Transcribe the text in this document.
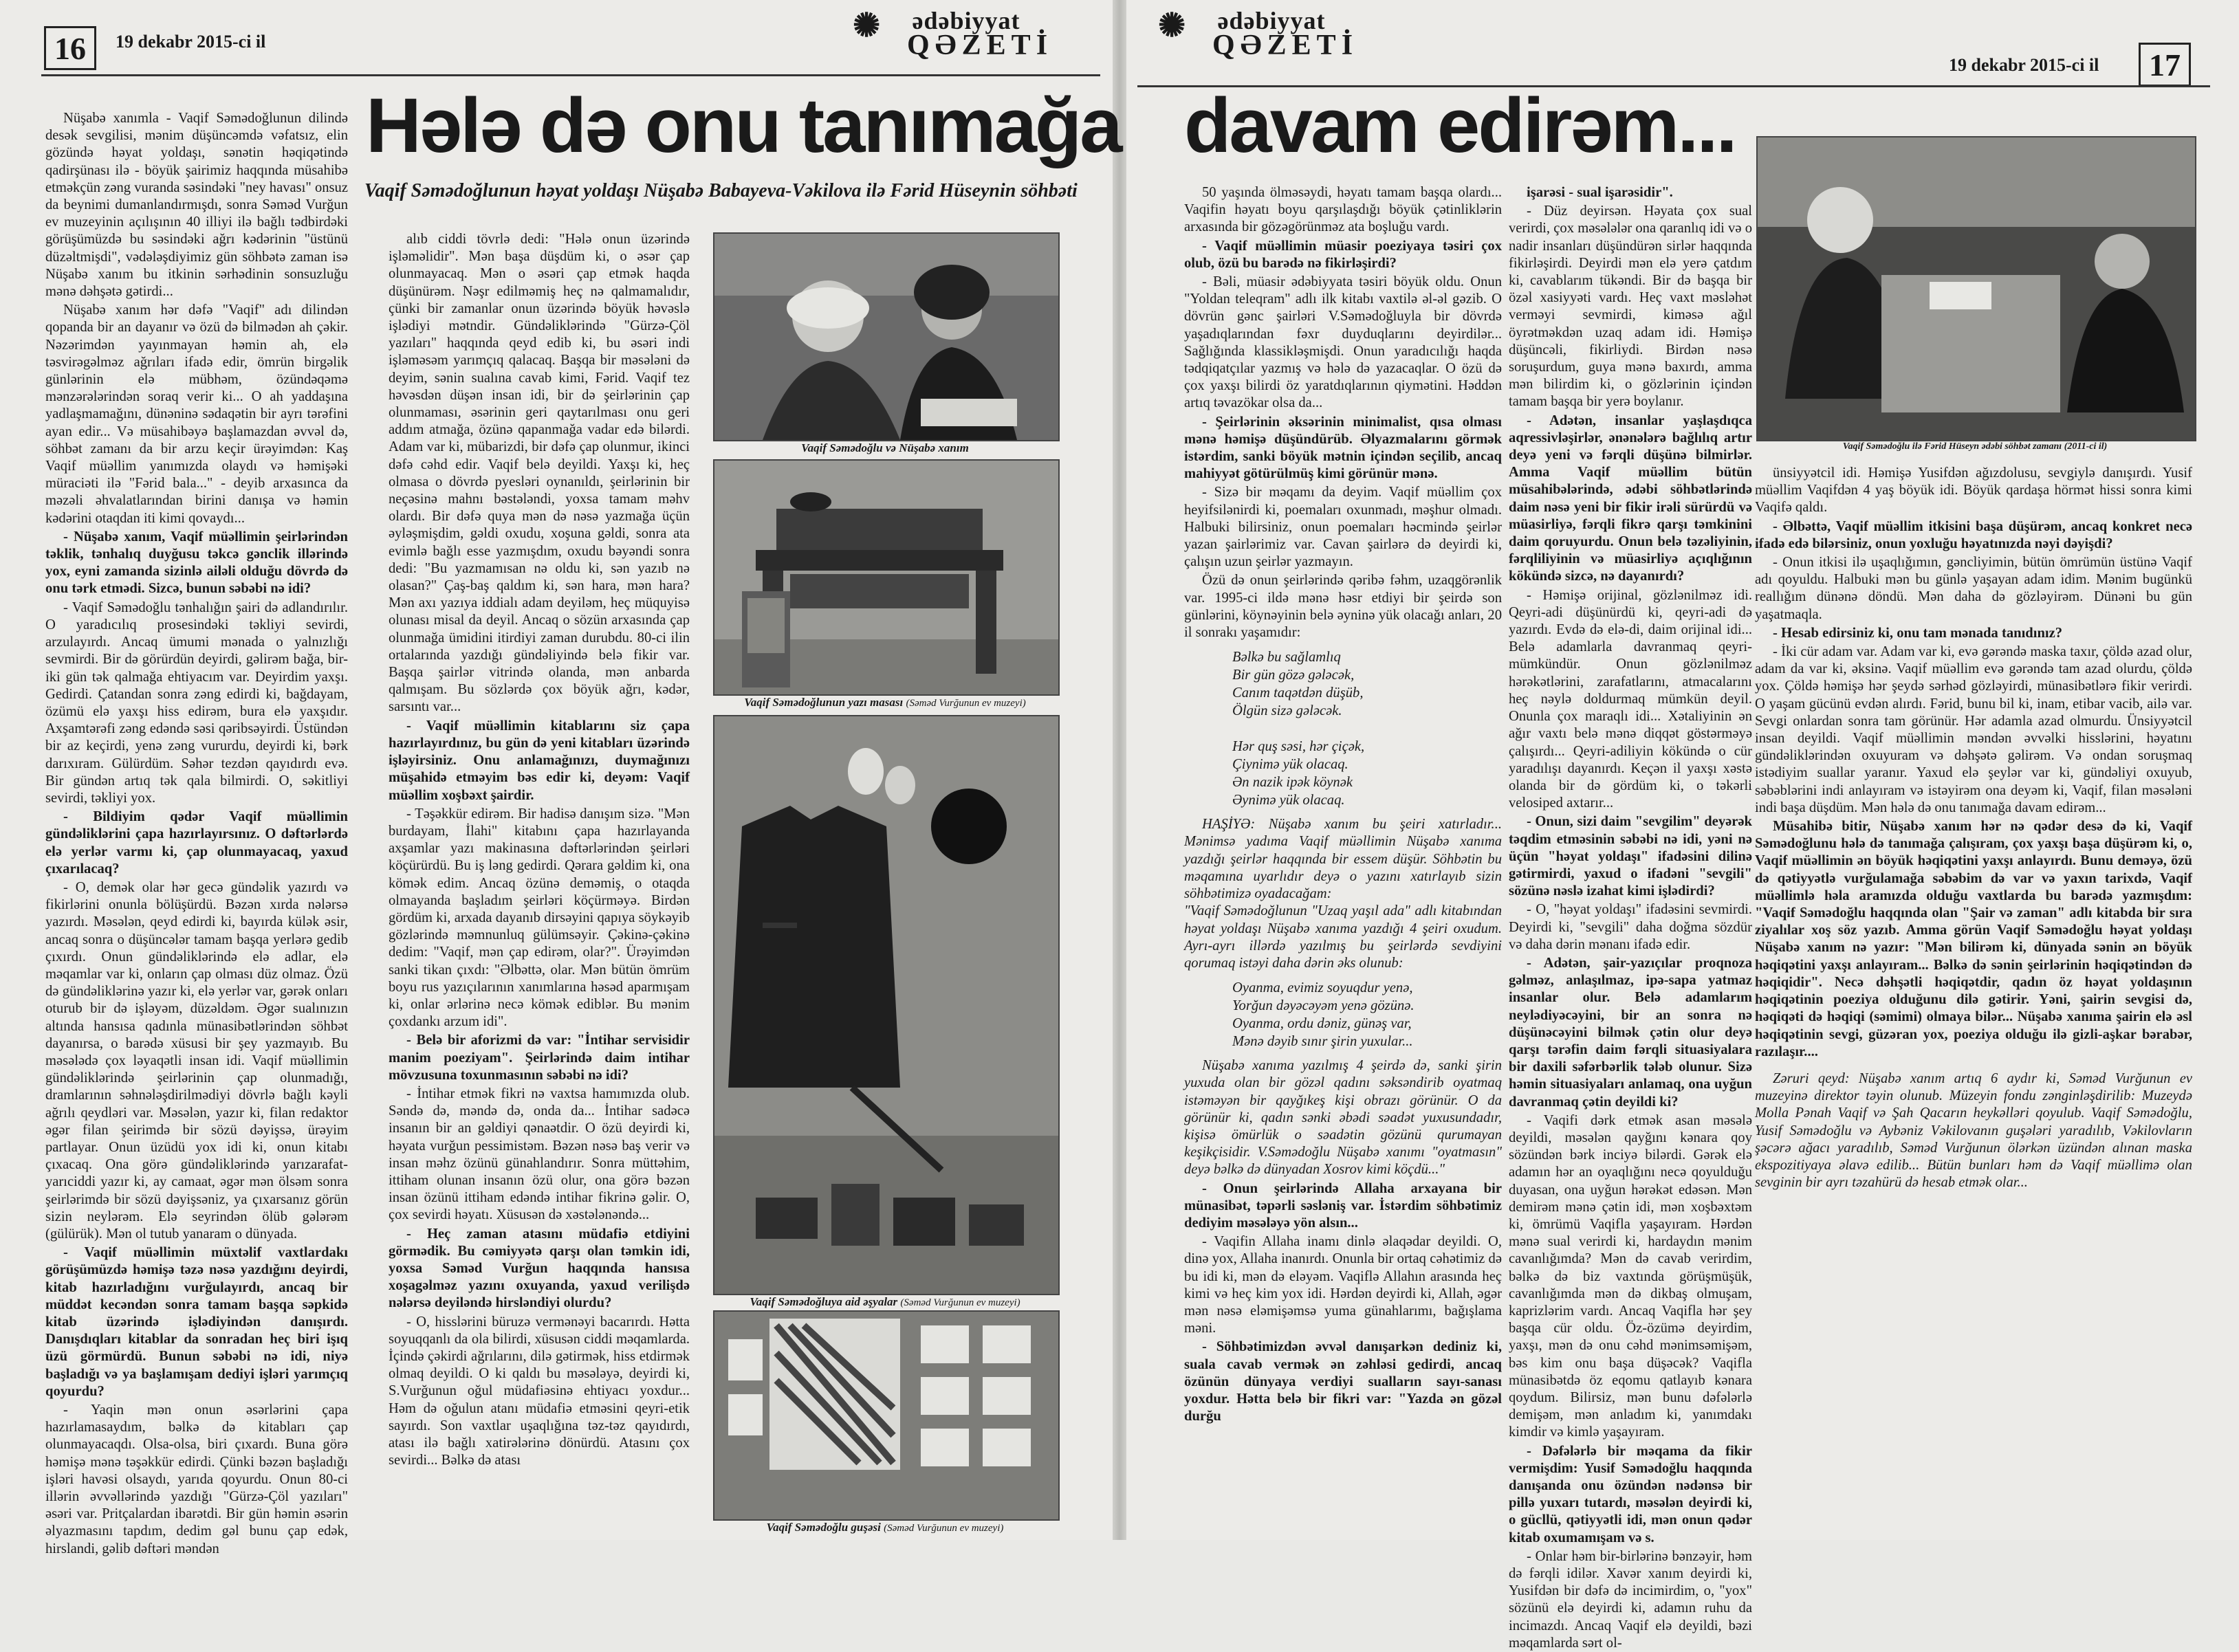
16	19 dekabr 2015-ci il	✺	ədəbiyyat
QƏZETİ
✺	ədəbiyyat
QƏZETİ
19 dekabr 2015-ci il	17
Hələ də onu tanımağa davam edirəm...
Vaqif Səmədoğlunun həyat yoldaşı Nüşabə Babayeva-Vəkilova ilə Fərid Hüseynin söhbəti

Nüşabə xanımla - Vaqif Səmədoğlunun dilində desək sevgilisi, mənim düşüncəmdə vəfatsız, elin gözündə həyat yoldaşı, sənətin həqiqətində qadirşünası ilə - böyük şairimiz haqqında müsahibə etməkçün zəng vuranda səsindəki "ney havası" onsuz da beynimi dumanlandırmışdı, sonra Səməd Vurğun ev muzeyinin açılışının 40 illiyi ilə bağlı tədbirdəki görüşümüzdə bu səsindəki ağrı kədərinin "üstünü düzəltmişdi", vədələşdiyimiz gün söhbətə zaman isə Nüşabə xanım bu itkinin sərhədinin sonsuzluğu mənə dəhşətə gətirdi...

Nüşabə xanım hər dəfə "Vaqif" adı dilindən qopanda bir an dayanır və özü də bilmədən ah çəkir. Nəzərimdən yayınmayan həmin ah, elə təsvirəgəlməz ağrıları ifadə edir, ömrün birgəlik günlərinin elə mübhəm, özündəqəmə mənzərələrindən soraq verir ki... O ah yaddaşına yadlaşmamağını, dünəninə sədaqətin bir ayrı tərəfini ayan edir... Və müsahibəyə başlamazdan əvvəl də, söhbət zamanı da bir arzu keçir ürəyimdən: Kaş Vaqif müəllim yanımızda olaydı və həmişəki müraciəti ilə "Fərid bala..." - deyib arxasınca da məzəli əhvalatlarından birini danışa və həmin kədərini otaqdan iti kimi qovaydı...

- Nüşabə xanım, Vaqif müəllimin şeirlərindən təklik, tənhalıq duyğusu təkcə gənclik illərində yox, eyni zamanda sizinlə ailəli olduğu dövrdə də onu tərk etmədi. Sizcə, bunun səbəbi nə idi?

- Vaqif Səmədoğlu tənhalığın şairi də adlandırılır. O yaradıcılıq prosesindəki təkliyi sevirdi, arzulayırdı. Ancaq ümumi mənada o yalnızlığı sevmirdi. Bir də görürdün deyirdi, gəlirəm bağa, bir-iki gün tək qalmağa ehtiyacım var. Deyirdim yaxşı. Gedirdi. Çatandan sonra zəng edirdi ki, bağdayam, özümü elə yaxşı hiss edirəm, bura elə yaxşıdır. Axşamtərəfi zəng edəndə səsi qəribsəyirdi. Üstündən bir az keçirdi, yenə zəng vururdu, deyirdi ki, bərk darıxıram. Gülürdüm. Səhər tezdən qayıdırdı evə. Bir gündən artıq tək qala bilmirdi. O, səkitliyi sevirdi, təkliyi yox.

- Bildiyim qədər Vaqif müəllimin gündəliklərini çapa hazırlayırsınız. O dəftərlərdə elə yerlər varmı ki, çap olunmayacaq, yaxud çıxarılacaq?

- O, demək olar hər gecə gündəlik yazırdı və fikirlərini onunla bölüşürdü. Bəzən xırda nələrsə yazırdı. Məsələn, qeyd edirdi ki, bayırda külək əsir, ancaq sonra o düşüncələr tamam başqa yerlərə gedib çıxırdı. Onun gündəliklərində elə adlar, elə məqamlar var ki, onların çap olması düz olmaz. Özü də gündəliklərinə yazır ki, elə yerlər var, gərək onları oturub bir də işləyəm, düzəldəm. Əgər sualınızın altında hansısa qadınla münasibətlərindən söhbət dayanırsa, o barədə xüsusi bir şey yazmayıb. Bu məsələdə çox ləyaqətli insan idi. Vaqif müəllimin gündəliklərində şeirlərinin çap olunmadığı, dramlarının səhnələşdirilmədiyi dövrlə bağlı kəyli ağrılı qeydləri var. Məsələn, yazır ki, filan redaktor əgər filan şeirimdə bir sözü dəyişsə, ürəyim partlayar. Onun üzüdü yox idi ki, onun kitabı çıxacaq. Ona görə gündəliklərində yarızarafat-yarıciddi yazır ki, ay camaat, əgər mən ölsəm sonra şeirlərimdə bir sözü dəyişsəniz, ya çıxarsanız görün sizin neylərəm. Elə seyrindən ölüb gələrəm (gülürük). Mən ol tutub yanaram o dünyada.

- Vaqif müəllimin müxtəlif vaxtlardakı görüşümüzdə həmişə təzə nəsə yazdığını deyirdi, kitab hazırladığını vurğulayırdı, ancaq bir müddət kecəndən sonra tamam başqa səpkidə kitab üzərində işlədiyindən danışırdı. Danışdıqları kitablar da sonradan heç biri işıq üzü görmürdü. Bunun səbəbi nə idi, niyə başladığı və ya başlamışam dediyi işləri yarımçıq qoyurdu?

- Yaqin mən onun əsərlərini çapa hazırlamasaydım, bəlkə də kitabları çap olunmayacaqdı. Olsa-olsa, biri çıxardı. Buna görə həmişə mənə təşəkkür edirdi. Çünki bəzən başladığı işləri havəsi olsaydı, yarıda qoyurdu. Onun 80-ci illərin əvvəllərində yazdığı "Gürzə-Çöl yazıları" əsəri var. Pritçalardan ibarətdi. Bir gün həmin əsərin əlyazmasını tapdım, dedim gəl bunu çap edək, hirslandi, gəlib dəftəri məndən

alıb ciddi tövrlə dedi: "Hələ onun üzərində işləməlidir". Mən başa düşdüm ki, o əsər çap olunmayacaq. Mən o əsəri çap etmək haqda düşünürəm. Nəşr edilməmiş heç nə qalmamalıdır, çünki bir zamanlar onun üzərində böyük həvəslə işlədiyi mətndir. Gündəliklərində "Gürzə-Çöl yazıları" haqqında qeyd edib ki, bu əsəri indi işləməsəm yarımçıq qalacaq. Başqa bir məsələni də deyim, sənin sualına cavab kimi, Fərid. Vaqif tez həvəsdən düşən insan idi, bir də şeirlərinin çap olunmaması, əsərinin geri qaytarılması onu geri addım atmağa, özünə qapanmağa vadar edə bilərdi. Adam var ki, mübarizdi, bir dəfə çap olunmur, ikinci dəfə cəhd edir. Vaqif belə deyildi. Yaxşı ki, heç olmasa o dövrdə pyesləri oynanıldı, şeirlərinin bir neçəsinə mahnı bəstələndi, yoxsa tamam məhv olardı. Bir dəfə quya mən də nəsə yazmağa üçün əyləşmişdim, gəldi oxudu, xoşuna gəldi, sonra ata evimlə bağlı esse yazmışdım, oxudu bəyəndi sonra dedi: "Bu yazmamısan nə oldu ki, sən yazıb nə olasan?" Çaş-baş qaldım ki, sən hara, mən hara? Mən axı yazıya iddialı adam deyiləm, heç müquyisə olunası misal da deyil. Ancaq o sözün arxasında çap olunmağa ümidini itirdiyi zaman durubdu. 80-ci ilin ortalarında yazdığı gündəliyində belə fikir var. Başqa şairlər vitrində olanda, mən anbarda qalmışam. Bu sözlərdə çox böyük ağrı, kədər, sarsıntı var...

- Vaqif müəllimin kitablarını siz çapa hazırlayırdınız, bu gün də yeni kitabları üzərində işləyirsiniz. Onu anlamağınızı, duymağınızı müşahidə etməyim bəs edir ki, deyəm: Vaqif müəllim xoşbəxt şairdir.

- Təşəkkür edirəm. Bir hadisə danışım sizə. "Mən burdayam, İlahi" kitabını çapa hazırlayanda axşamlar yazı makinasına dəftərlərindən şeirləri köçürürdü. Bu iş ləng gedirdi. Qərara gəldim ki, ona kömək edim. Ancaq özünə deməmiş, o otaqda olmayanda başladım şeirləri köçürməyə. Birdən gördüm ki, arxada dayanıb dirsəyini qapıya söykəyib gözlərində məmnunluq gülümsəyir. Çəkinə-çəkinə dedim: "Vaqif, mən çap edirəm, olar?". Ürəyimdən sanki tikan çıxdı: "Əlbəttə, olar. Mən bütün ömrüm boyu rus yazıçılarının xanımlarına həsəd aparmışam ki, onlar ərlərinə necə kömək ediblər. Bu mənim çoxdankı arzum idi".

- Belə bir aforizmi də var: "İntihar servisidir manim poeziyam". Şeirlərində daim intihar mövzusuna toxunmasının səbəbi nə idi?

- İntihar etmək fikri nə vaxtsa hamımızda olub. Səndə də, məndə də, onda da... İntihar sadəcə insanın bir an gəldiyi qənaətdir. O özü deyirdi ki, həyata vurğun pessimistəm. Bəzən nəsə baş verir və insan məhz özünü günahlandırır. Sonra müttəhim, ittiham olunan insanın özü olur, ona görə bəzən insan özünü ittiham edəndə intihar fikrinə gəlir. O, çox sevirdi həyatı. Xüsusən də xəstələnəndə...

- Heç zaman atasını müdafiə etdiyini görmədik. Bu cəmiyyətə qarşı olan təmkin idi, yoxsa Səməd Vurğun haqqında hansısa xoşagəlməz yazını oxuyanda, yaxud verilişdə nələrsə deyiləndə hirsləndiyi olurdu?

- O, hisslərini büruzə vermənəyi bacarırdı. Hətta soyuqqanlı da ola bilirdi, xüsusən ciddi məqamlarda. İçində çəkirdi ağrılarını, dilə gətirmək, hiss etdirmək olmaq deyildi. O ki qaldı bu məsələyə, deyirdi ki, S.Vurğunun oğul müdafiəsinə ehtiyacı yoxdur... Həm də oğulun atanı müdafiə etməsini qeyri-etik sayırdı. Son vaxtlar uşaqlığına təz-təz qayıdırdı, atası ilə bağlı xatirələrinə dönürdü. Atasını çox sevirdi... Bəlkə də atası

50 yaşında ölməsəydi, həyatı tamam başqa olardı... Vaqifin həyatı boyu qarşılaşdığı böyük çətinliklərin arxasında bir gözəgörünməz ata boşluğu vardı.

- Vaqif müəllimin müasir poeziyaya təsiri çox olub, özü bu barədə nə fikirləşirdi?

- Bəli, müasir ədəbiyyata təsiri böyük oldu. Onun "Yoldan teleqram" adlı ilk kitabı vaxtilə əl-əl gəzib. O dövrün gənc şairləri V.Səmədoğluyla bir dövrdə yaşadıqlarından fəxr duyduqlarını deyirdilər... Sağlığında klassikləşmişdi. Onun yaradıcılığı haqda tədqiqatçılar yazmış və hələ də yazacaqlar. O özü də çox yaxşı bilirdi öz yaratdıqlarının qiymətini. Həddən artıq təvazökar olsa da...

- Şeirlərinin əksərinin minimalist, qısa olması mənə həmişə düşündürüb. Əlyazmalarını görmək istərdim, sanki böyük mətnin içindən seçilib, ancaq mahiyyət götürülmüş kimi görünür mənə.

- Sizə bir məqamı da deyim. Vaqif müəllim çox heyifsilənirdi ki, poemaları oxunmadı, məşhur olmadı. Halbuki bilirsiniz, onun poemaları həcmində şeirlər yazan şairlərimiz var. Cavan şairlərə də deyirdi ki, çalışın uzun şeirlər yazmayın.

Özü də onun şeirlərində qəribə fəhm, uzaqgörənlik var. 1995-ci ildə mənə həsr etdiyi bir şeirdə son günlərini, köynəyinin belə əyninə yük olacağı anları, 20 il sonrakı yaşamıdır:

Bəlkə bu sağlamlıq
Bir gün gözə gələcək,
Canım taqətdən düşüb,
Ölgün sizə gələcək.

Hər quş səsi, hər çiçək,
Çiynimə yük olacaq.
Ən nazik ipək köynək
Əynimə yük olacaq.

HAŞİYƏ: Nüşabə xanım bu şeiri xatırladır... Mənimsə yadıma Vaqif müəllimin Nüşabə xanıma yazdığı şeirlər haqqında bir essem düşür. Söhbətin bu məqamına uyarlıdır deyə o yazını xatırlayıb sizin söhbətimizə oyadacağam:
"Vaqif Səmədoğlunun "Uzaq yaşıl ada" adlı kitabından həyat yoldaşı Nüşabə xanıma yazdığı 4 şeiri oxudum. Ayrı-ayrı illərdə yazılmış bu şeirlərdə sevdiyini qorumaq istəyi daha dərin əks olunub:

Oyanma, evimiz soyuqdur yenə,
Yorğun dəyəcəyəm yenə gözünə.
Oyanma, ordu dəniz, günəş var,
Mənə dəyib sınır şirin yuxular...

Nüşabə xanıma yazılmış 4 şeirdə də, sanki şirin yuxuda olan bir gözəl qadını səksəndirib oyatmaq istəməyən bir qayğıkeş kişi obrazı görünür. O da görünür ki, qadın sənki əbədi səadət yuxusundadır, kişisə ömürlük o səadətin gözünü qurumayan keşikçisidir. V.Səmədoğlu Nüşabə xanımı "oyatmasın" deyə bəlkə də dünyadan Xosrov kimi köçdü..."

- Onun şeirlərində Allaha arxayana bir münasibət, təpərli səsləniş var. İstərdim söhbətimiz dediyim məsələyə yön alsın...

- Vaqifin Allaha inamı dinlə əlaqədar deyildi. O, dinə yox, Allaha inanırdı. Onunla bir ortaq cəhətimiz də bu idi ki, mən də eləyəm. Vaqiflə Allahın arasında heç kimi və heç kim yox idi. Hərdən deyirdi ki, Allah, əgər mən nəsə eləmişəmsə yuma günahlarımı, bağışlama məni.

- Söhbətimizdən əvvəl danışarkən dediniz ki, suala cavab vermək ən zəhləsi gedirdi, ancaq özünün dünyaya verdiyi sualların sayı-sanası yoxdur. Hətta belə bir fikri var: "Yazda ən gözəl durğu

işarəsi - sual işarəsidir".

- Düz deyirsən. Həyata çox sual verirdi, çox məsələlər ona qaranlıq idi və o nadir insanları düşündürən sirlər haqqında fikirləşirdi. Deyirdi mən elə yerə çatdım ki, cavablarım tükəndi. Bir də başqa bir özəl xasiyyəti vardı. Heç vaxt məsləhət verməyi sevmirdi, kiməsə ağıl öyrətməkdən uzaq adam idi. Həmişə düşüncəli, fikirliydi. Birdən nəsə soruşurdum, guya mənə baxırdı, amma mən bilirdim ki, o gözlərinin içindən tamam başqa bir yerə boylanır.

- Adətən, insanlar yaşlaşdıqca aqressivləşirlər, ənənələrə bağlılıq artır deyə yeni və fərqli düşünə bilmirlər. Amma Vaqif müəllim bütün müsahibələrində, ədəbi söhbətlərində daim nəsə yeni bir fikir irəli sürürdü və müasirliyə, fərqli fikrə qarşı təmkinini daim qoruyurdu. Onun belə təzəliyinin, fərqliliyinin və müasirliyə açıqlığının kökündə sizcə, nə dayanırdı?

- Həmişə orijinal, gözlənilməz idi. Qeyri-adi düşünürdü ki, qeyri-adi də yazırdı. Evdə də elə-di, daim orijinal idi... Belə adamlarla davranmaq qeyri-mümkündür. Onun gözlənilməz hərəkətlərini, zarafatlarını, atmacalarını heç nəylə doldurmaq mümkün deyil. Onunla çox maraqlı idi... Xətaliyinin ən ağır vaxtı belə mənə diqqət göstərməyə çalışırdı... Qeyri-adiliyin kökündə o cür yaradılışı dayanırdı. Keçən il yaxşı xəstə olanda bir də gördüm ki, o təkərli velosiped axtarır...

- Onun, sizi daim "sevgilim" deyərək təqdim etməsinin səbəbi nə idi, yəni nə üçün "həyat yoldaşı" ifadəsini dilinə gətirmirdi, yaxud o ifadəni "sevgili" sözünə nəslə izahat kimi işlədirdi?

- O, "həyat yoldaşı" ifadəsini sevmirdi. Deyirdi ki, "sevgili" daha doğma sözdür və daha dərin mənanı ifadə edir.

- Adətən, şair-yazıçılar proqnoza gəlməz, anlaşılmaz, ipə-sapa yatmaz insanlar olur. Belə adamlarım neylədiyəcəyini, bir an sonra nə düşünəcəyini bilmək çətin olur deyə qarşı tərəfin daim fərqli situasiyalara bir daxili səfərbərlik tələb olunur. Sizə həmin situasiyaları anlamaq, ona uyğun davranmaq çətin deyildi ki?

- Vaqifi dərk etmək asan məsələ deyildi, məsələn qayğını kənara qoy sözündən bərk inciyə bilərdi. Gərək elə adamın hər an oyaqlığını necə qoyulduğu duyasan, ona uyğun hərəkət edəsən. Mən demirəm mənə çətin idi, mən xoşbəxtəm ki, ömrümü Vaqifla yaşayıram. Hərdən mənə sual verirdi ki, hardaydın mənim cavanlığımda? Mən də cavab verirdim, bəlkə də biz vaxtında görüşmüşük, cavanlığımda mən də dikbaş olmuşam, kaprizlərim vardı. Ancaq Vaqifla hər şey başqa cür oldu. Öz-özümə deyirdim, yaxşı, mən də onu cəhd mənimsəmişəm, bəs kim onu başa düşəcək? Vaqifla münasibətdə öz eqomu qatlayıb kənara qoydum. Bilirsiz, mən bunu dəfələrlə demişəm, mən anladım ki, yanımdakı kimdir və kimlə yaşayıram.

- Dəfələrlə bir məqama da fikir vermişdim: Yusif Səmədoğlu haqqında danışanda onu özündən nədənsə bir pillə yuxarı tutardı, məsələn deyirdi ki, o gücllü, qətiyyətli idi, mən onun qədər kitab oxumamışam və s.

- Onlar həm bir-birlərinə bənzəyir, həm də fərqli idilər. Xavər xanım deyirdi ki, Yusifdən bir dəfə də incimirdim, o, "yox" sözünü elə deyirdi ki, adamın ruhu da incimazdı. Ancaq Vaqif elə deyildi, bəzi məqamlarda sərt ol-

ünsiyyətcil idi. Həmişə Yusifdən ağızdolusu, sevgiylə danışırdı. Yusif müəllim Vaqifdən 4 yaş böyük idi. Böyük qardaşa hörmət hissi sonra kimi Vaqifə qaldı.

- Əlbəttə, Vaqif müəllim itkisini başa düşürəm, ancaq konkret necə ifadə edə bilərsiniz, onun yoxluğu həyatınızda nəyi dəyişdi?

- Onun itkisi ilə uşaqlığımın, gəncliyimin, bütün ömrümün üstünə Vaqif adı qoyuldu. Halbuki mən bu günlə yaşayan adam idim. Mənim bugünkü reallığım dünənə döndü. Mən daha də gözləyirəm. Dünəni bu gün yaşatmaqla.

- Hesab edirsiniz ki, onu tam mənada tanıdınız?

- İki cür adam var. Adam var ki, evə gərəndə maska taxır, çöldə azad olur, adam da var ki, əksinə. Vaqif müəllim evə gərəndə tam azad olurdu, çöldə yox. Çöldə həmişə hər şeydə sərhəd gözləyirdi, münasibətlərə fikir verirdi. O yaşam gücünü evdən alırdı. Fərid, bunu bil ki, inam, etibar vacib, ailə var. Sevgi onlardan sonra tam görünür. Hər adamla azad olmurdu. Ünsiyyətcil insan deyildi. Vaqif müəllimin məndən əvvəlki hisslərini, həyatını gündəliklərindən oxuyuram və dəhşətə gəlirəm. Və ondan soruşmaq istədiyim suallar yaranır. Yaxud elə şeylər var ki, gündəliyi oxuyub, səbəblərini indi anlayıram və istəyirəm ona deyəm ki, Vaqif, filan məsələni indi başa düşdüm. Mən hələ də onu tanımağa davam edirəm...

Müsahibə bitir, Nüşabə xanım hər nə qədər desə də ki, Vaqif Səmədoğlunu hələ də tanımağa çalışıram, çox yaxşı başa düşürəm ki, o, Vaqif müəllimin ən böyük həqiqətini yaxşı anlayırdı. Bunu deməyə, özü də qətiyyətlə vurğulamağa səbəbim də var və yaxın tarixdə, Vaqif müəllimlə həla aramızda olduğu vaxtlarda bu barədə yazmışdım: "Vaqif Səmədoğlu haqqında olan "Şair və zaman" adlı kitabda bir sıra ziyalılar xoş söz yazıb. Amma görün Vaqif Səmədoğlu həyat yoldaşı Nüşabə xanım nə yazır: "Mən bilirəm ki, dünyada sənin ən böyük həqiqətini yaxşı anlayıram... Bəlkə də sənin şeirlərinin həqiqətindən də həqiqidir". Necə dəhşətli həqiqətdir, qadın öz həyat yoldaşının həqiqətinin poeziya olduğunu dilə gətirir. Yəni, şairin sevgisi də, həqiqəti də həqiqi (səmimi) olmaya bilər... Nüşabə xanıma şairin elə əsl həqiqətinin sevgi, güzəran yox, poeziya olduğu ilə gizli-aşkar bərabər, razılaşır....

Zəruri qeyd: Nüşabə xanım artıq 6 aydır ki, Səməd Vurğunun ev muzeyinə direktor təyin olunub. Müzeyin fondu zənginləşdirilib: Muzeydə Molla Pənah Vaqif və Şah Qacarın heykəlləri qoyulub. Vaqif Səmədoğlu, Yusif Səmədoğlu və Aybəniz Vəkilovanın guşələri yaradılıb, Vəkilovların şəcərə ağacı yaradılıb, Səməd Vurğunun ölərkən üzündən alınan maska ekspozitiyaya əlavə edilib... Bütün bunları həm də Vaqif müəllimə olan sevginin bir ayrı təzahürü də hesab etmək olar...

Vaqif Səmədoğlu və Nüşabə xanım
Vaqif Səmədoğlunun yazı masası (Səməd Vurğunun ev muzeyi)
Vaqif Səmədoğluya aid əşyalar (Səməd Vurğunun ev muzeyi)
Vaqif Səmədoğlu guşəsi (Səməd Vurğunun ev muzeyi)
Vaqif Səmədoğlu ilə Fərid Hüseyn ədəbi söhbət zamanı (2011-ci il)
